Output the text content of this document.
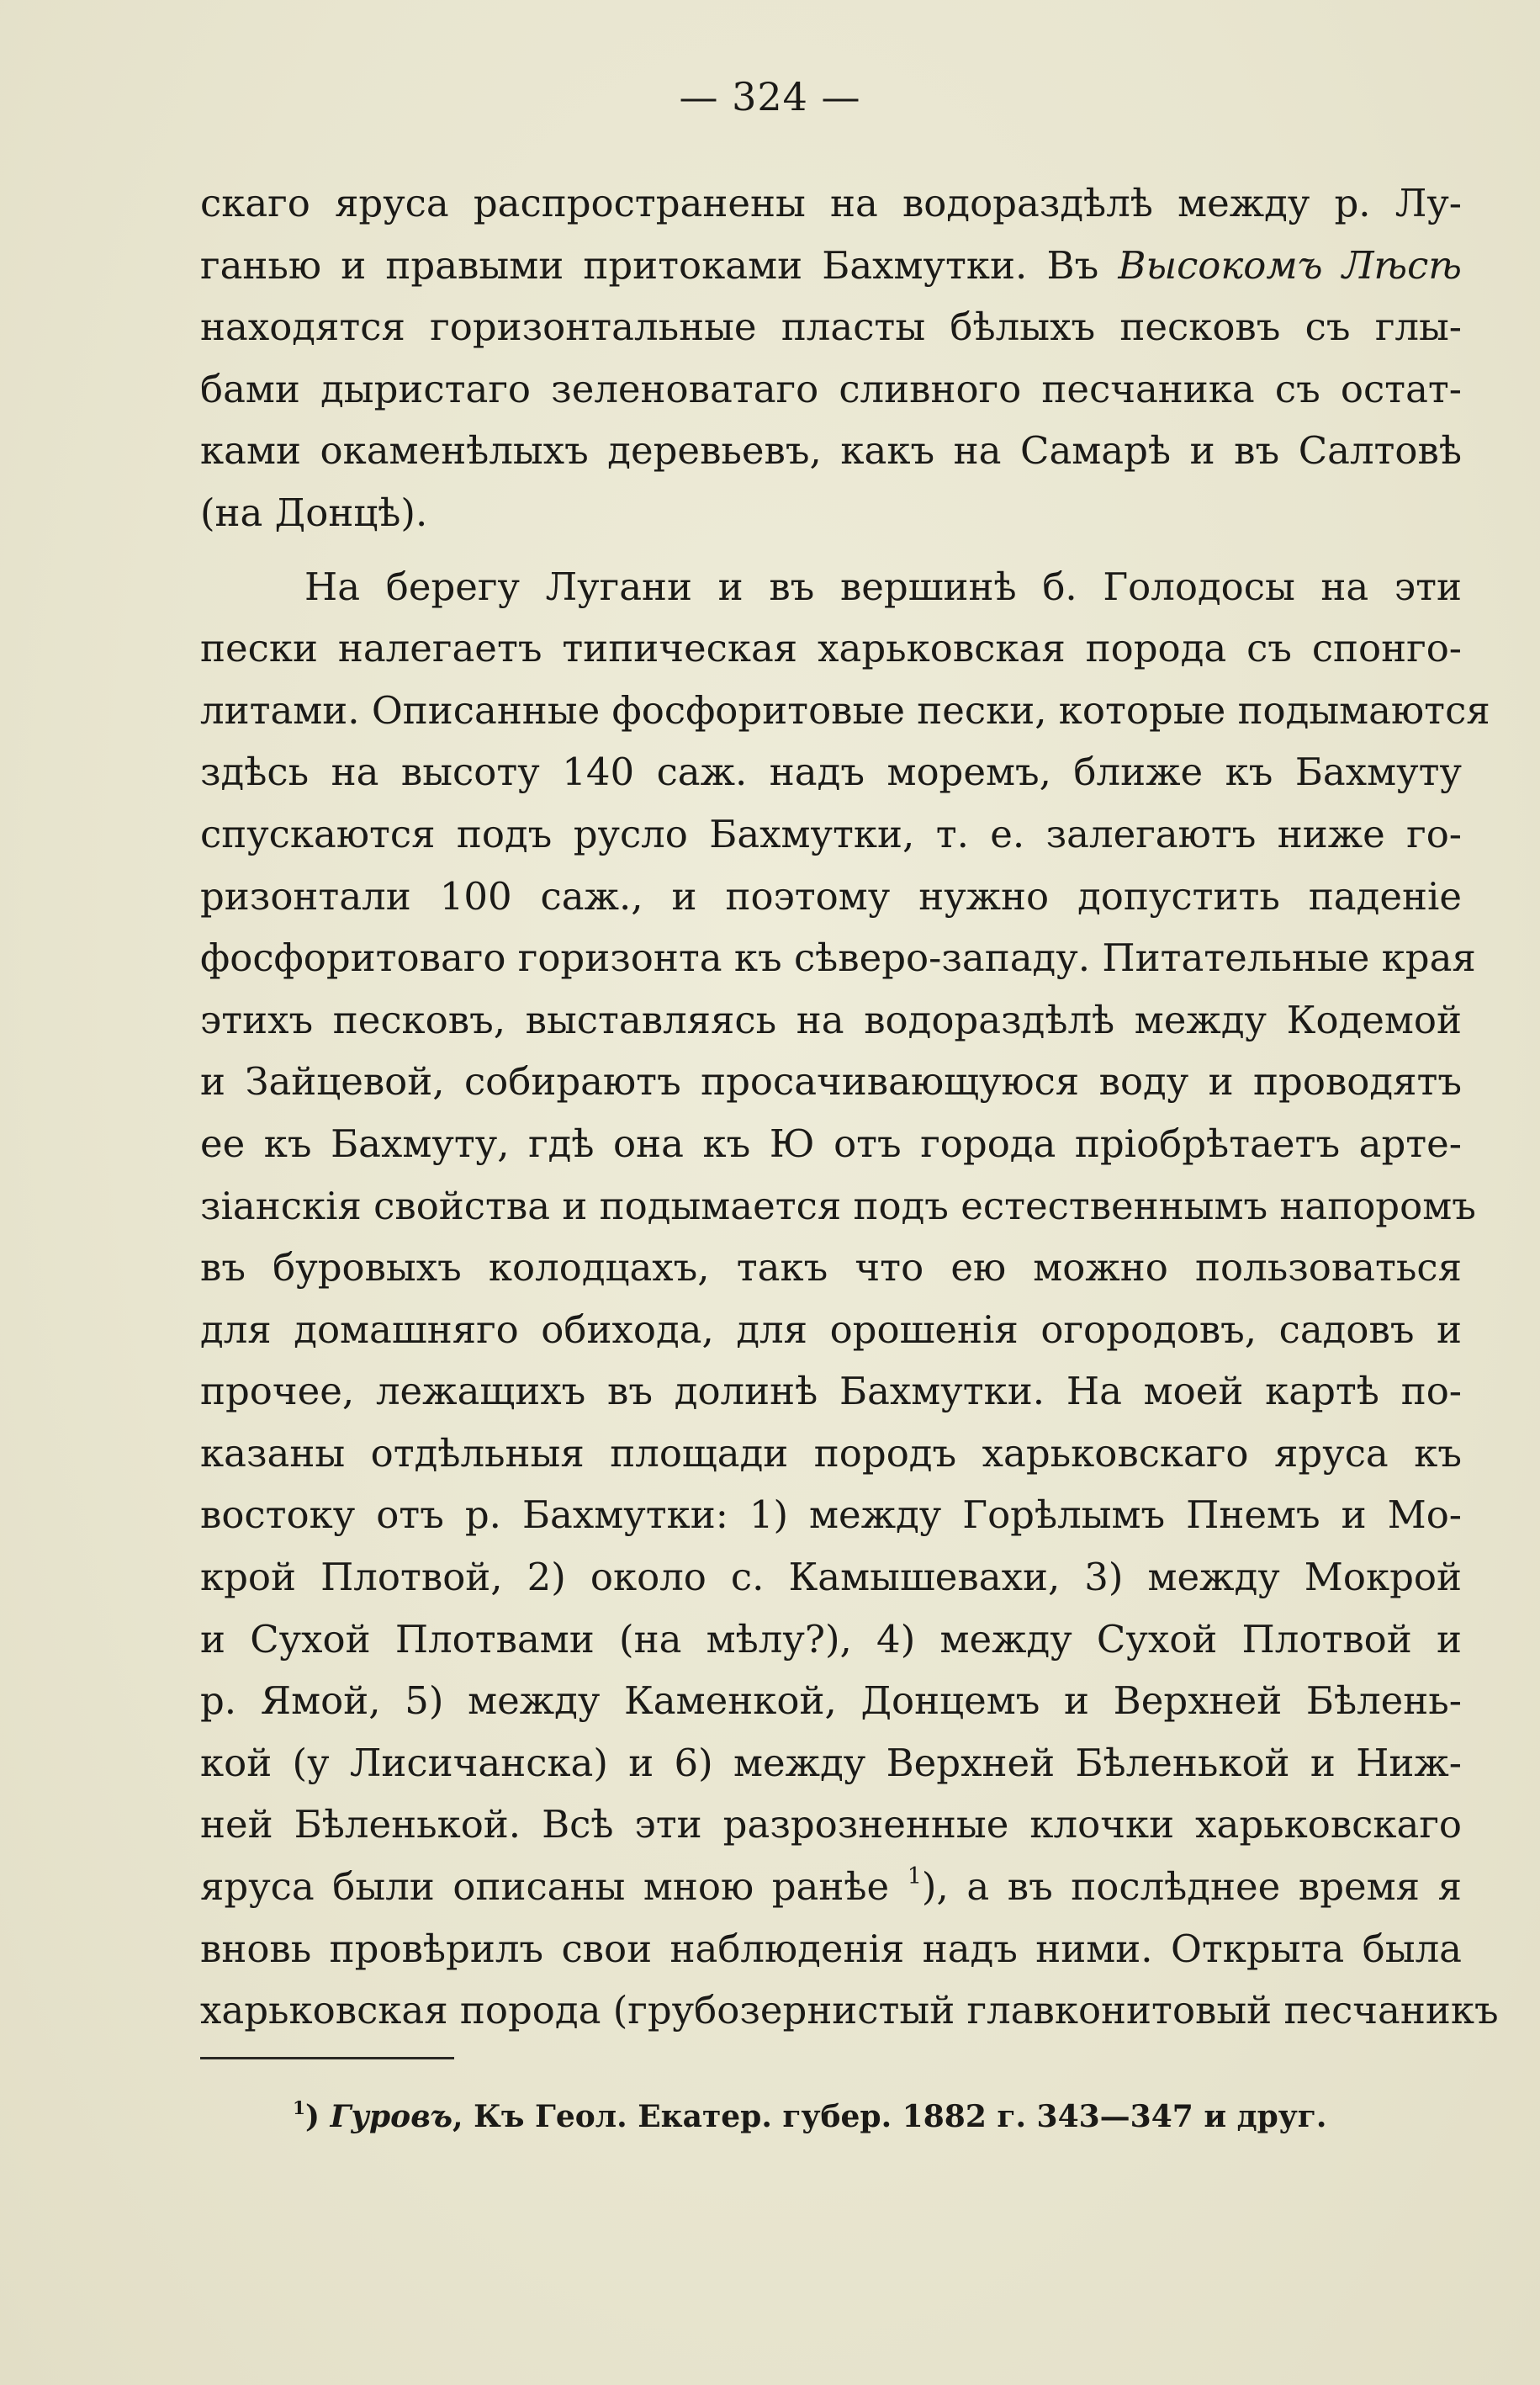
— 324 —
скаго яруса распространены на водораздѣлѣ между р. Лу-
ганью и правыми притоками Бахмутки. Въ Высокомъ Лѣсѣ
находятся горизонтальные пласты бѣлыхъ песковъ съ глы-
бами дыристаго зеленоватаго сливного песчаника съ остат-
ками окаменѣлыхъ деревьевъ, какъ на Самарѣ и въ Салтовѣ
(на Донцѣ).
На берегу Лугани и въ вершинѣ б. Голодосы на эти
пески налегаетъ типическая харьковская порода съ спонго-
литами. Описанные фосфоритовые пески, которые подымаются
здѣсь на высоту 140 саж. надъ моремъ, ближе къ Бахмуту
спускаются подъ русло Бахмутки, т. е. залегаютъ ниже го-
ризонтали 100 саж., и поэтому нужно допустить паденіе
фосфоритоваго горизонта къ сѣверо-западу. Питательные края
этихъ песковъ, выставляясь на водораздѣлѣ между Кодемой
и Зайцевой, собираютъ просачивающуюся воду и проводятъ
ее къ Бахмуту, гдѣ она къ Ю отъ города пріобрѣтаетъ арте-
зіанскія свойства и подымается подъ естественнымъ напоромъ
въ буровыхъ колодцахъ, такъ что ею можно пользоваться
для домашняго обихода, для орошенія огородовъ, садовъ и
прочее, лежащихъ въ долинѣ Бахмутки. На моей картѣ по-
казаны отдѣльныя площади породъ харьковскаго яруса къ
востоку отъ р. Бахмутки: 1) между Горѣлымъ Пнемъ и Мо-
крой Плотвой, 2) около с. Камышевахи, 3) между Мокрой
и Сухой Плотвами (на мѣлу?), 4) между Сухой Плотвой и
р. Ямой, 5) между Каменкой, Донцемъ и Верхней Бѣлень-
кой (у Лисичанска) и 6) между Верхней Бѣленькой и Ниж-
ней Бѣленькой. Всѣ эти разрозненные клочки харьковскаго
яруса были описаны мною ранѣе $^1$), а въ послѣднее время я
вновь провѣрилъ свои наблюденія надъ ними. Открыта была
харьковская порода (грубозернистый главконитовый песчаникъ
$^1$) Гуровъ, Къ Геол. Екатер. губер. 1882 г. 343—347 и друг.
